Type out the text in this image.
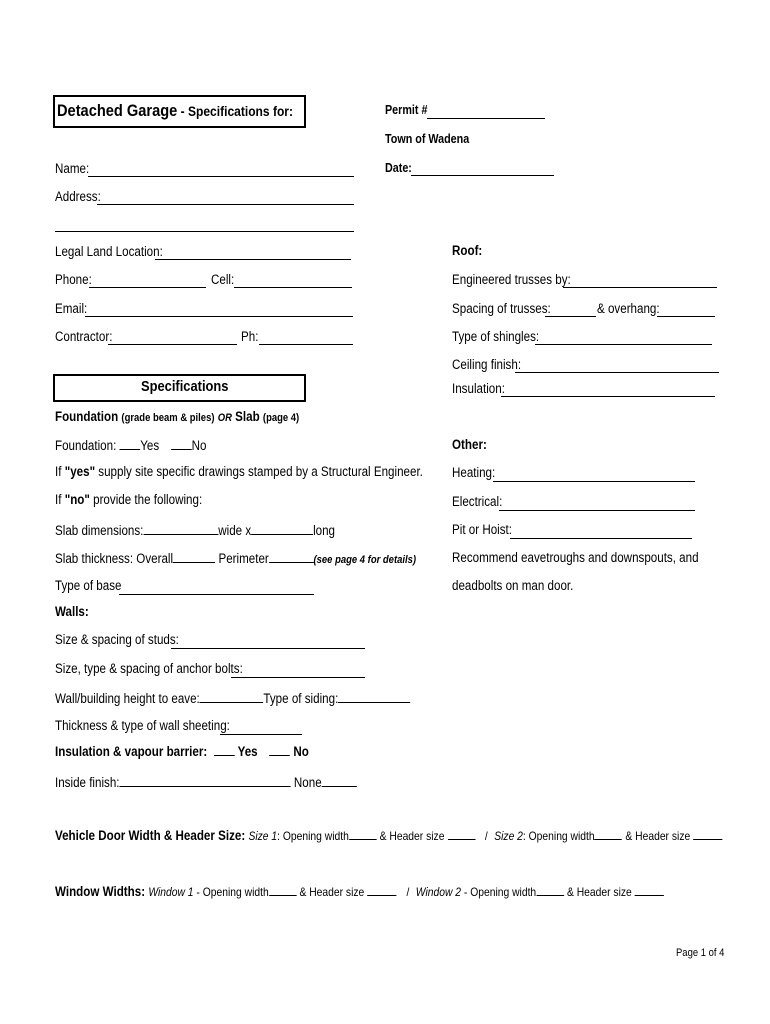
Detached Garage - Specifications for:	Permit #
Town of Wadena
Date:
Name:
Address:
Legal Land Location:
Phone:	Cell:
Email:
Contractor:	Ph:
Roof:
Engineered trusses by:
Spacing of trusses:	& overhang:
Type of shingles:
Ceiling finish:
Insulation:
Specifications
Foundation (grade beam & piles) OR Slab (page 4)
Foundation: Yes No
If "yes" supply site specific drawings stamped by a Structural Engineer.
If "no" provide the following:
Slab dimensions:	wide x	long
Slab thickness: Overall	Perimeter	(see page 4 for details)
Type of base
Walls:
Size & spacing of studs:
Size, type & spacing of anchor bolts:
Wall/building height to eave:	Type of siding:
Thickness & type of wall sheeting:
Insulation & vapour barrier: Yes	No
Inside finish:	None
Other:
Heating:
Electrical:
Pit or Hoist:
Recommend eavetroughs and downspouts, and
deadbolts on man door.
Vehicle Door Width & Header Size: Size 1: Opening width	& Header size	/ Size 2: Opening width	& Header size
Window Widths: Window 1 - Opening width	& Header size	/ Window 2 - Opening width	& Header size
Page 1 of 4
